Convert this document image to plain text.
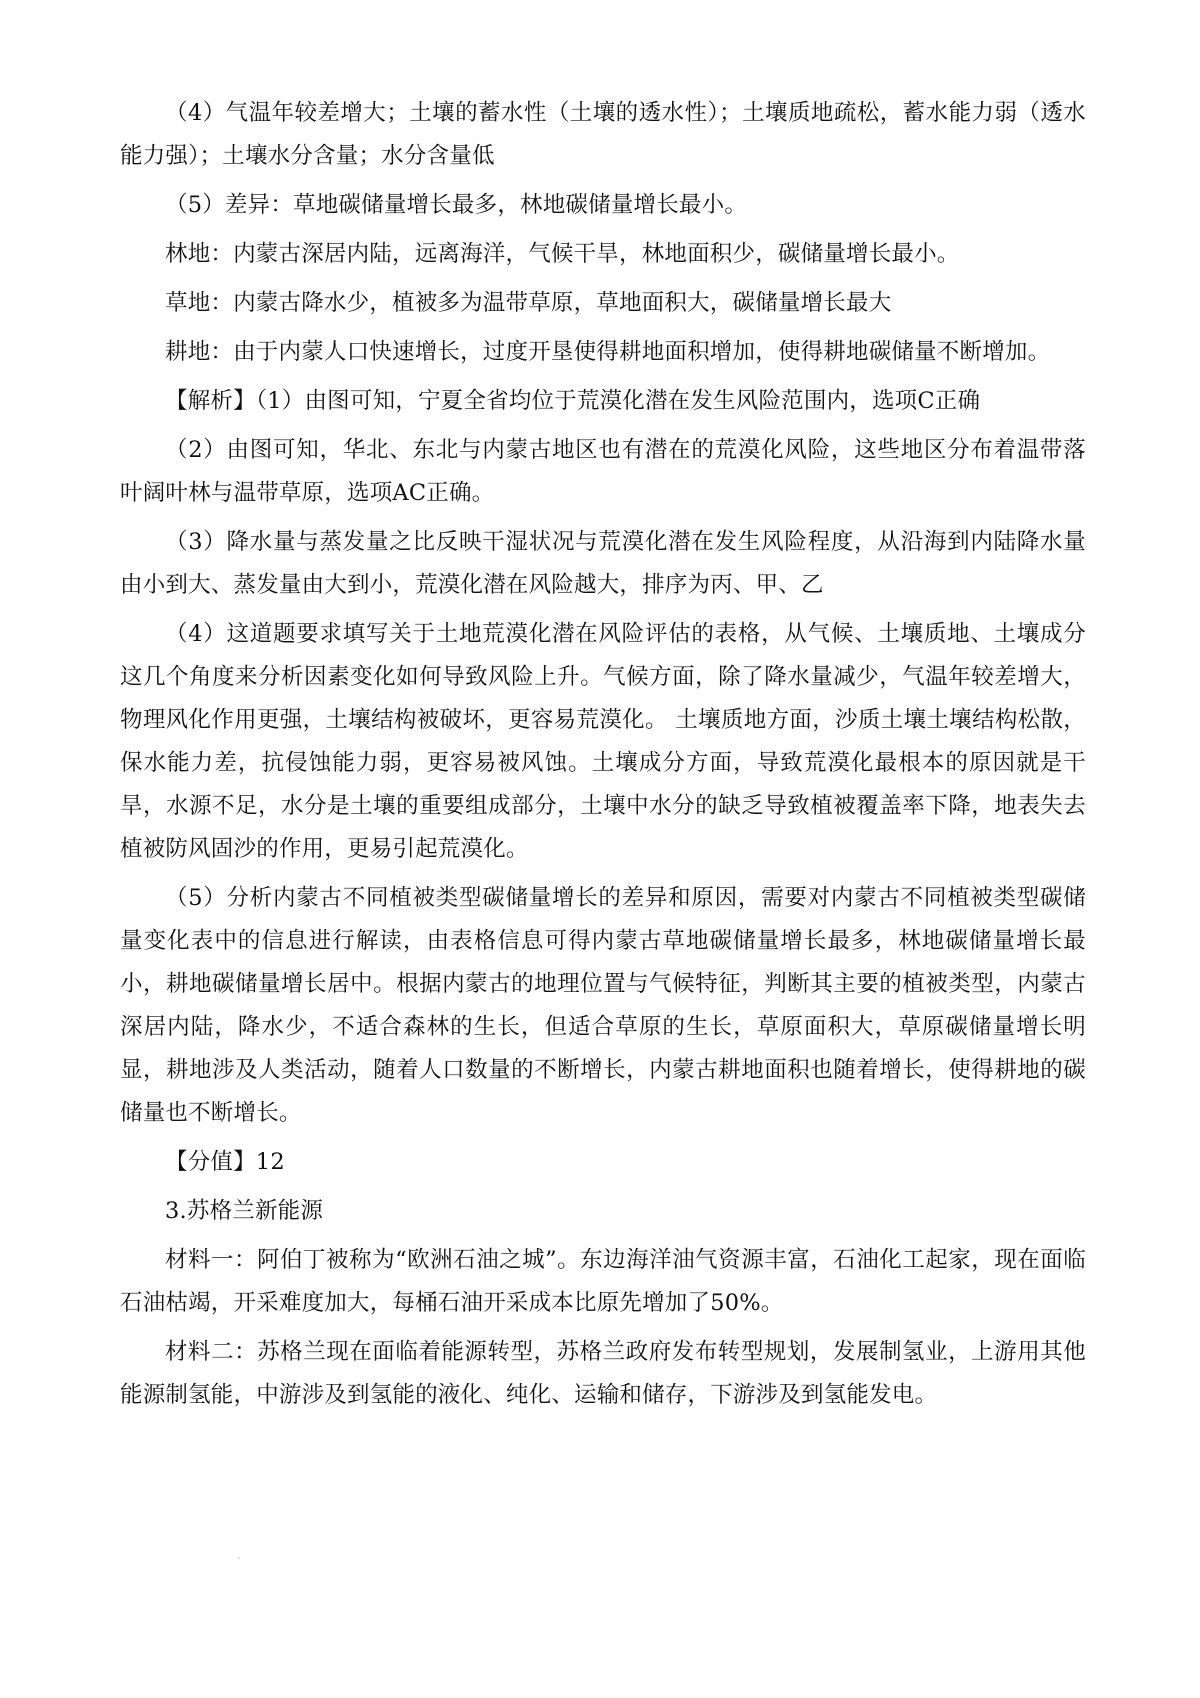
（4）气温年较差增大；土壤的蓄水性（土壤的透水性）；土壤质地疏松，蓄水能力弱（透水能力强）；土壤水分含量；水分含量低

（5）差异：草地碳储量增长最多，林地碳储量增长最小。

林地：内蒙古深居内陆，远离海洋，气候干旱，林地面积少，碳储量增长最小。

草地：内蒙古降水少，植被多为温带草原，草地面积大，碳储量增长最大

耕地：由于内蒙人口快速增长，过度开垦使得耕地面积增加，使得耕地碳储量不断增加。

【解析】（1）由图可知，宁夏全省均位于荒漠化潜在发生风险范围内，选项C正确

（2）由图可知，华北、东北与内蒙古地区也有潜在的荒漠化风险，这些地区分布着温带落叶阔叶林与温带草原，选项AC正确。

（3）降水量与蒸发量之比反映干湿状况与荒漠化潜在发生风险程度，从沿海到内陆降水量由小到大、蒸发量由大到小，荒漠化潜在风险越大，排序为丙、甲、乙

（4）这道题要求填写关于土地荒漠化潜在风险评估的表格，从气候、土壤质地、土壤成分这几个角度来分析因素变化如何导致风险上升。气候方面，除了降水量减少，气温年较差增大，物理风化作用更强，土壤结构被破坏，更容易荒漠化。 土壤质地方面，沙质土壤土壤结构松散，保水能力差，抗侵蚀能力弱，更容易被风蚀。土壤成分方面，导致荒漠化最根本的原因就是干旱，水源不足，水分是土壤的重要组成部分，土壤中水分的缺乏导致植被覆盖率下降，地表失去植被防风固沙的作用，更易引起荒漠化。

（5）分析内蒙古不同植被类型碳储量增长的差异和原因，需要对内蒙古不同植被类型碳储量变化表中的信息进行解读，由表格信息可得内蒙古草地碳储量增长最多，林地碳储量增长最小，耕地碳储量增长居中。根据内蒙古的地理位置与气候特征，判断其主要的植被类型，内蒙古深居内陆，降水少，不适合森林的生长，但适合草原的生长，草原面积大，草原碳储量增长明显，耕地涉及人类活动，随着人口数量的不断增长，内蒙古耕地面积也随着增长，使得耕地的碳储量也不断增长。

【分值】12

3.苏格兰新能源

材料一：阿伯丁被称为“欧洲石油之城”。东边海洋油气资源丰富，石油化工起家，现在面临石油枯竭，开采难度加大，每桶石油开采成本比原先增加了50%。

材料二：苏格兰现在面临着能源转型，苏格兰政府发布转型规划，发展制氢业，上游用其他能源制氢能，中游涉及到氢能的液化、纯化、运输和储存，下游涉及到氢能发电。
